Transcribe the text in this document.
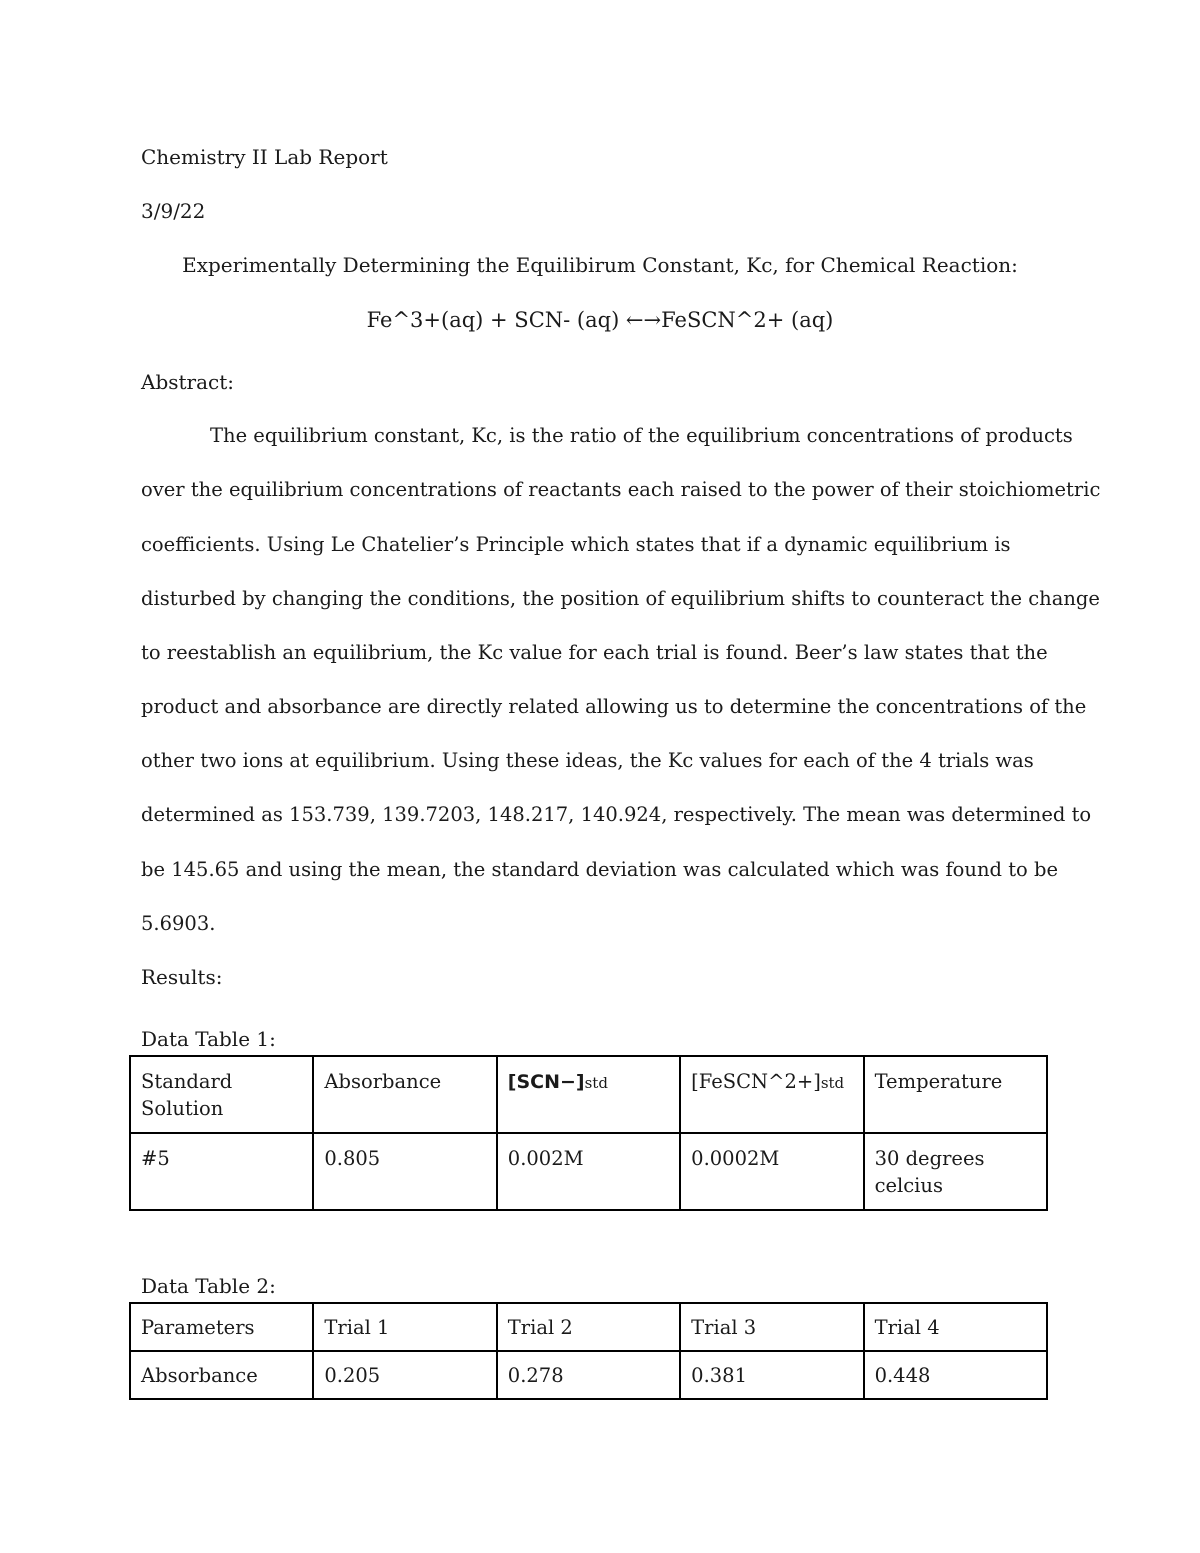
Chemistry II Lab Report
3/9/22
Experimentally Determining the Equilibirum Constant, Kc, for Chemical Reaction:
Fe^3+(aq) + SCN- (aq) ←→FeSCN^2+ (aq)
Abstract:
The equilibrium constant, Kc, is the ratio of the equilibrium concentrations of products
over the equilibrium concentrations of reactants each raised to the power of their stoichiometric
coefficients. Using Le Chatelier’s Principle which states that if a dynamic equilibrium is
disturbed by changing the conditions, the position of equilibrium shifts to counteract the change
to reestablish an equilibrium, the Kc value for each trial is found. Beer’s law states that the
product and absorbance are directly related allowing us to determine the concentrations of the
other two ions at equilibrium. Using these ideas, the Kc values for each of the 4 trials was
determined as 153.739, 139.7203, 148.217, 140.924, respectively. The mean was determined to
be 145.65 and using the mean, the standard deviation was calculated which was found to be
5.6903.
Results:
Data Table 1:
Standard Solution	Absorbance	[SCN−]std	[FeSCN^2+]std	Temperature
#5	0.805	0.002M	0.0002M	30 degrees celcius
Data Table 2:
Parameters	Trial 1	Trial 2	Trial 3	Trial 4
Absorbance	0.205	0.278	0.381	0.448
